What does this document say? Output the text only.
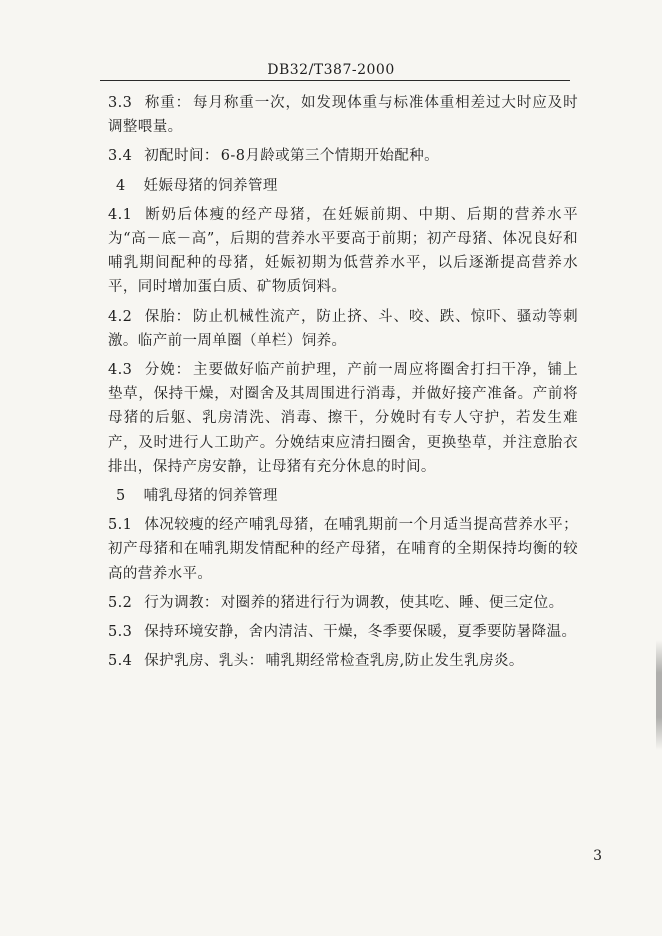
DB32/T387-2000

3.3 称重： 每月称重一次，如发现体重与标准体重相差过大时应及时调整喂量。

3.4 初配时间： 6-8月龄或第三个情期开始配种。

4 妊娠母猪的饲养管理

4.1 断奶后体瘦的经产母猪，在妊娠前期、中期、后期的营养水平为“高－底－高”，后期的营养水平要高于前期；初产母猪、体况良好和哺乳期间配种的母猪，妊娠初期为低营养水平，以后逐渐提高营养水平，同时增加蛋白质、矿物质饲料。

4.2 保胎： 防止机械性流产，防止挤、斗、咬、跌、惊吓、骚动等刺激。临产前一周单圈（单栏）饲养。

4.3 分娩： 主要做好临产前护理，产前一周应将圈舍打扫干净，铺上垫草，保持干燥，对圈舍及其周围进行消毒，并做好接产准备。产前将母猪的后躯、乳房清洗、消毒、擦干，分娩时有专人守护，若发生难产，及时进行人工助产。分娩结束应清扫圈舍，更换垫草，并注意胎衣排出，保持产房安静，让母猪有充分休息的时间。

5 哺乳母猪的饲养管理

5.1 体况较瘦的经产哺乳母猪，在哺乳期前一个月适当提高营养水平；初产母猪和在哺乳期发情配种的经产母猪，在哺育的全期保持均衡的较高的营养水平。

5.2 行为调教： 对圈养的猪进行行为调教，使其吃、睡、便三定位。

5.3 保持环境安静，舍内清洁、干燥，冬季要保暖，夏季要防暑降温。

5.4 保护乳房、乳头： 哺乳期经常检查乳房,防止发生乳房炎。

3
